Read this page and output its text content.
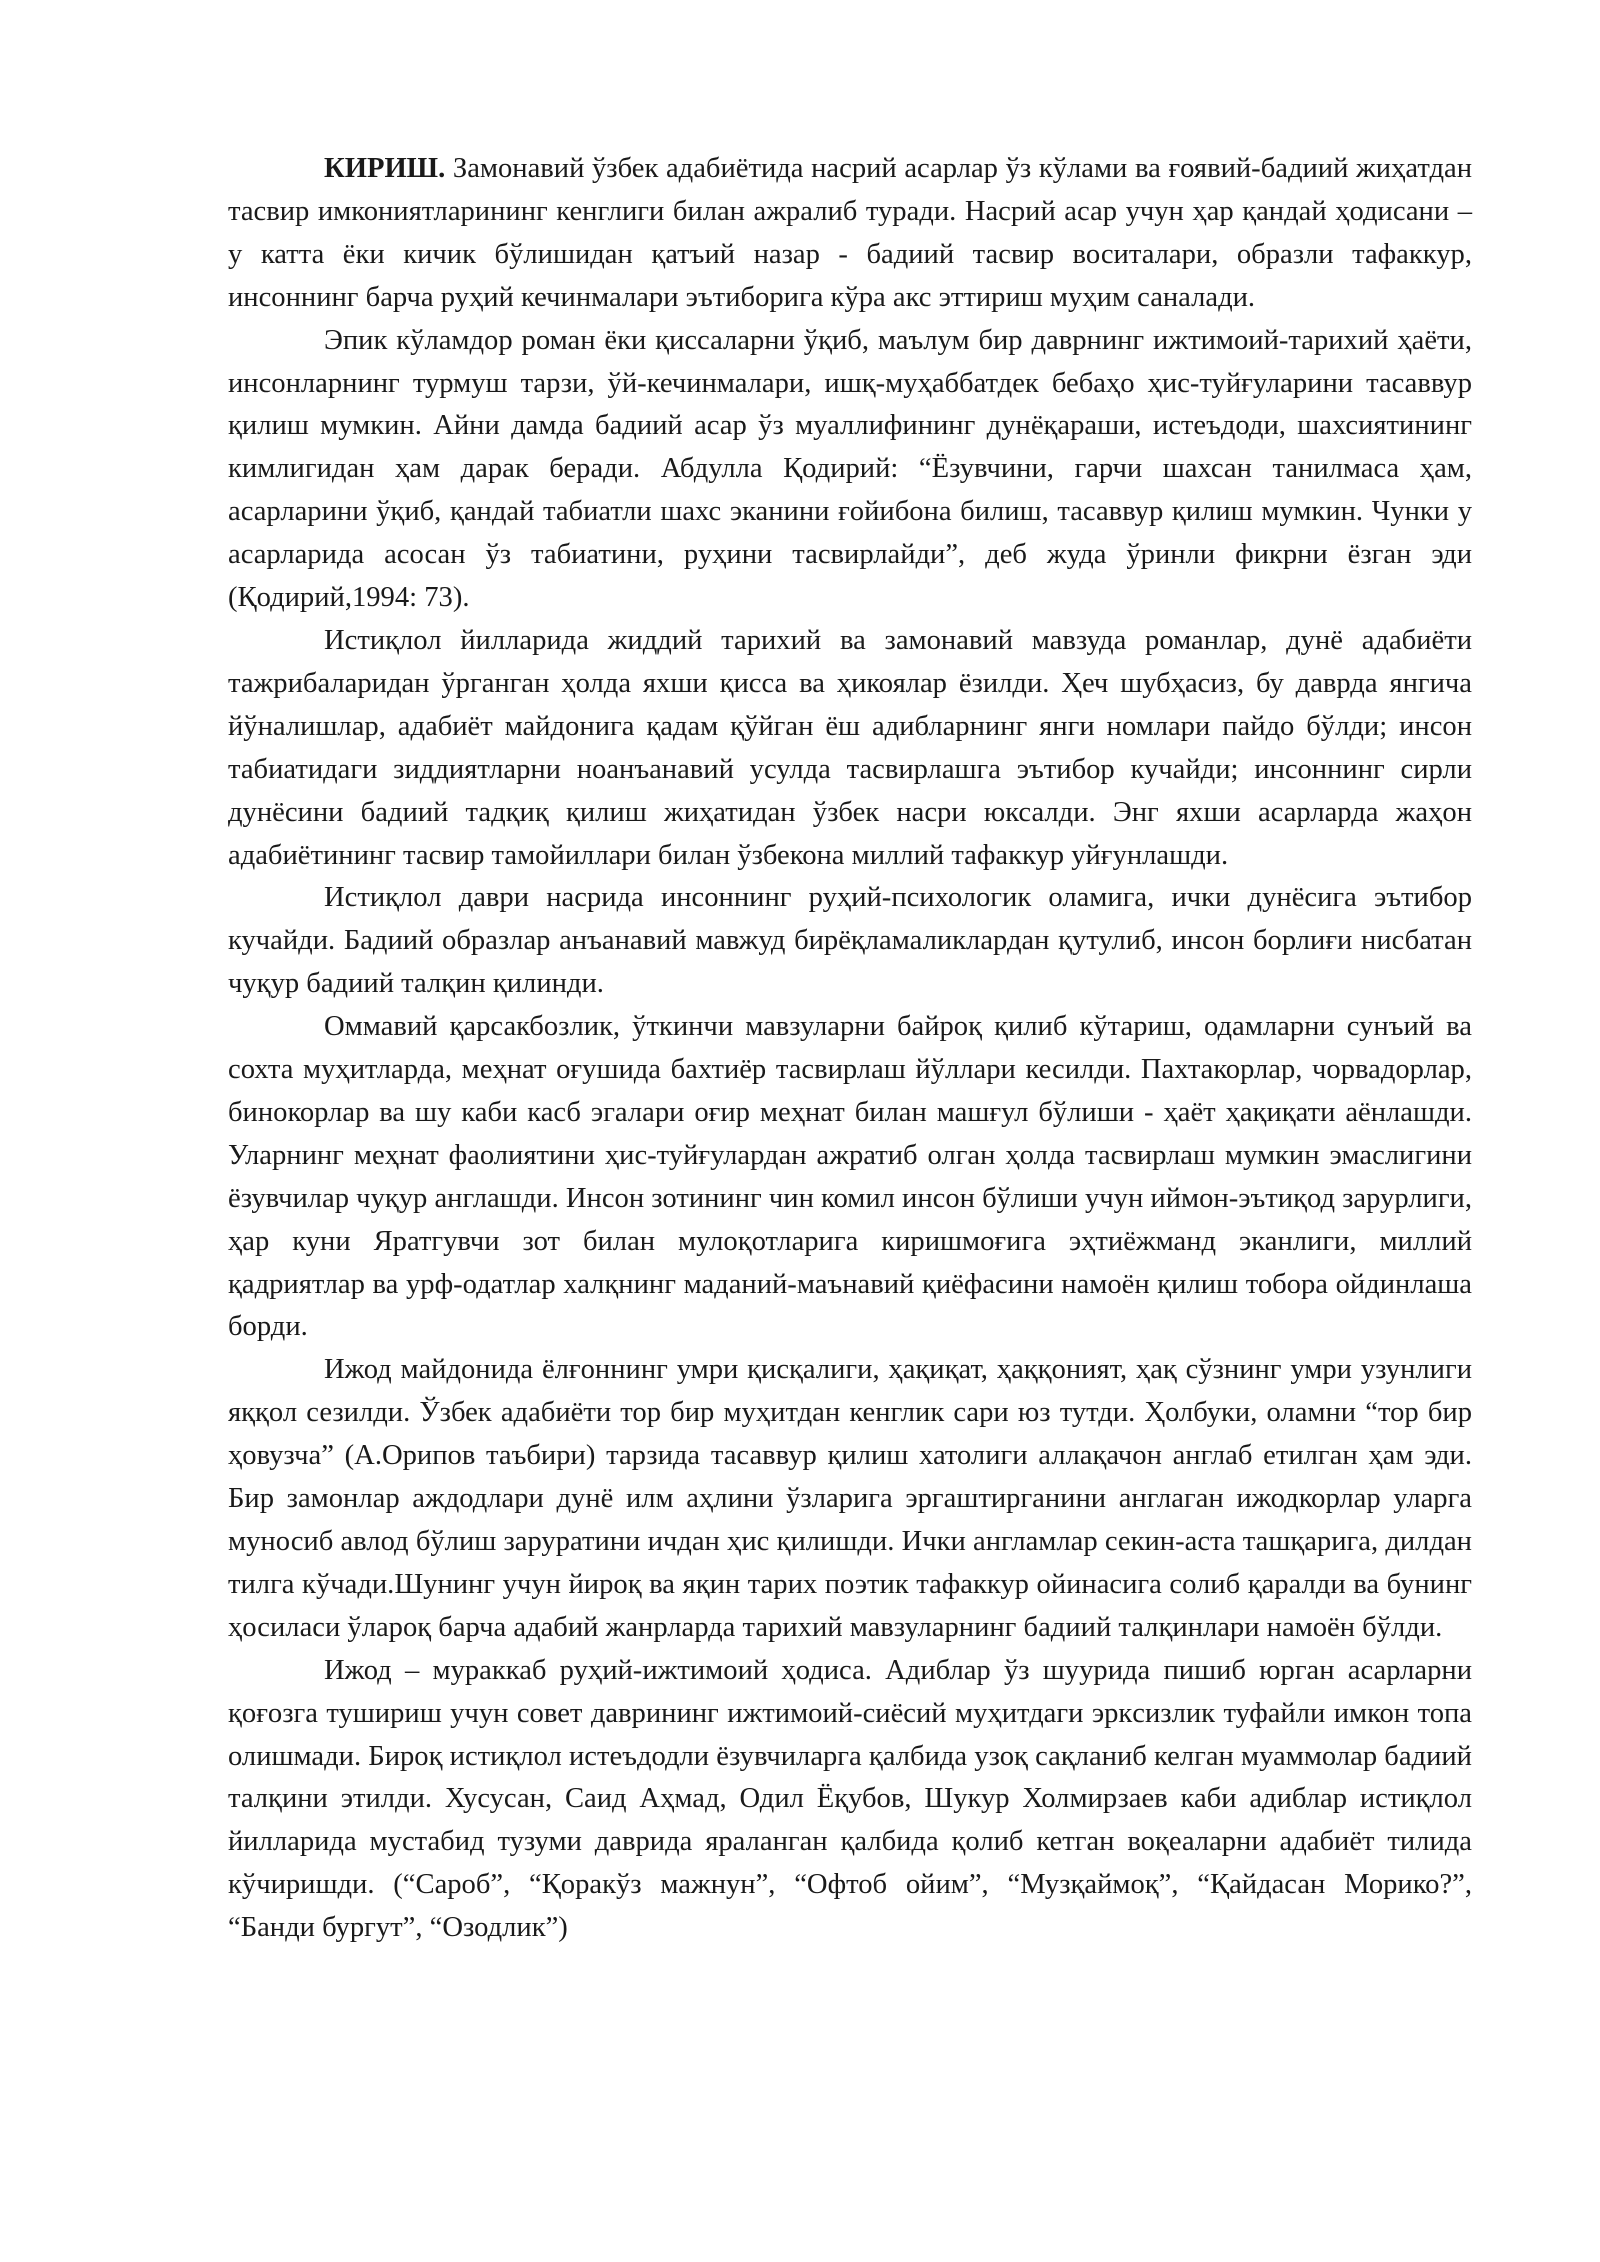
КИРИШ. Замонавий ўзбек адабиётида насрий асарлар ўз кўлами ва ғоявий-бадиий жиҳатдан тасвир имкониятларининг кенглиги билан ажралиб туради. Насрий асар учун ҳар қандай ҳодисани – у катта ёки кичик бўлишидан қатъий назар - бадиий тасвир воситалари, образли тафаккур, инсоннинг барча руҳий кечинмалари эътиборига кўра акс эттириш муҳим саналади.

Эпик кўламдор роман ёки қиссаларни ўқиб, маълум бир даврнинг ижтимоий-тарихий ҳаёти, инсонларнинг турмуш тарзи, ўй-кечинмалари, ишқ-муҳаббатдек бебаҳо ҳис-туйғуларини тасаввур қилиш мумкин. Айни дамда бадиий асар ўз муаллифининг дунёқараши, истеъдоди, шахсиятининг кимлигидан ҳам дарак беради. Абдулла Қодирий: “Ёзувчини, гарчи шахсан танилмаса ҳам, асарларини ўқиб, қандай табиатли шахс эканини ғойибона билиш, тасаввур қилиш мумкин. Чунки у асарларида асосан ўз табиатини, руҳини тасвирлайди”, деб жуда ўринли фикрни ёзган эди (Қодирий,1994: 73).

Истиқлол йилларида жиддий тарихий ва замонавий мавзуда романлар, дунё адабиёти тажрибаларидан ўрганган ҳолда яхши қисса ва ҳикоялар ёзилди. Ҳеч шубҳасиз, бу даврда янгича йўналишлар, адабиёт майдонига қадам қўйган ёш адибларнинг янги номлари пайдо бўлди; инсон табиатидаги зиддиятларни ноанъанавий усулда тасвирлашга эътибор кучайди; инсоннинг сирли дунёсини бадиий тадқиқ қилиш жиҳатидан ўзбек насри юксалди. Энг яхши асарларда жаҳон адабиётининг тасвир тамойиллари билан ўзбекона миллий тафаккур уйғунлашди.

Истиқлол даври насрида инсоннинг руҳий-психологик оламига, ички дунёсига эътибор кучайди. Бадиий образлар анъанавий мавжуд бирёқламаликлардан қутулиб, инсон борлиғи нисбатан чуқур бадиий талқин қилинди.

Оммавий қарсакбозлик, ўткинчи мавзуларни байроқ қилиб кўтариш, одамларни сунъий ва сохта муҳитларда, меҳнат оғушида бахтиёр тасвирлаш йўллари кесилди. Пахтакорлар, чорвадорлар, бинокорлар ва шу каби касб эгалари оғир меҳнат билан машғул бўлиши - ҳаёт ҳақиқати аёнлашди. Уларнинг меҳнат фаолиятини ҳис-туйғулардан ажратиб олган ҳолда тасвирлаш мумкин эмаслигини ёзувчилар чуқур англашди. Инсон зотининг чин комил инсон бўлиши учун иймон-эътиқод зарурлиги, ҳар куни Яратгувчи зот билан мулоқотларига киришмоғига эҳтиёжманд эканлиги, миллий қадриятлар ва урф-одатлар халқнинг маданий-маънавий қиёфасини намоён қилиш тобора ойдинлаша борди.

Ижод майдонида ёлғоннинг умри қисқалиги, ҳақиқат, ҳаққоният, ҳақ сўзнинг умри узунлиги яққол сезилди. Ўзбек адабиёти тор бир муҳитдан кенглик сари юз тутди. Ҳолбуки, оламни “тор бир ҳовузча” (А.Орипов таъбири) тарзида тасаввур қилиш хатолиги аллақачон англаб етилган ҳам эди. Бир замонлар аждодлари дунё илм аҳлини ўзларига эргаштирганини англаган ижодкорлар уларга муносиб авлод бўлиш заруратини ичдан ҳис қилишди. Ички англамлар секин-аста ташқарига, дилдан тилга кўчади.Шунинг учун йироқ ва яқин тарих поэтик тафаккур ойинасига солиб қаралди ва бунинг ҳосиласи ўлароқ барча адабий жанрларда тарихий мавзуларнинг бадиий талқинлари намоён бўлди.

Ижод – мураккаб руҳий-ижтимоий ҳодиса. Адиблар ўз шуурида пишиб юрган асарларни қоғозга тушириш учун совет даврининг ижтимоий-сиёсий муҳитдаги эркcизлик туфайли имкон топа олишмади. Бироқ истиқлол истеъдодли ёзувчиларга қалбида узоқ сақланиб келган муаммолар бадиий талқини этилди. Хусусан, Саид Аҳмад, Одил Ёқубов, Шукур Холмирзаев каби адиблар истиқлол йилларида мустабид тузуми даврида яраланган қалбида қолиб кетган воқеаларни адабиёт тилида кўчиришди. (“Сароб”, “Қоракўз мажнун”, “Офтоб ойим”, “Музқаймоқ”, “Қайдасан Морико?”, “Банди бургут”, “Озодлик”)
